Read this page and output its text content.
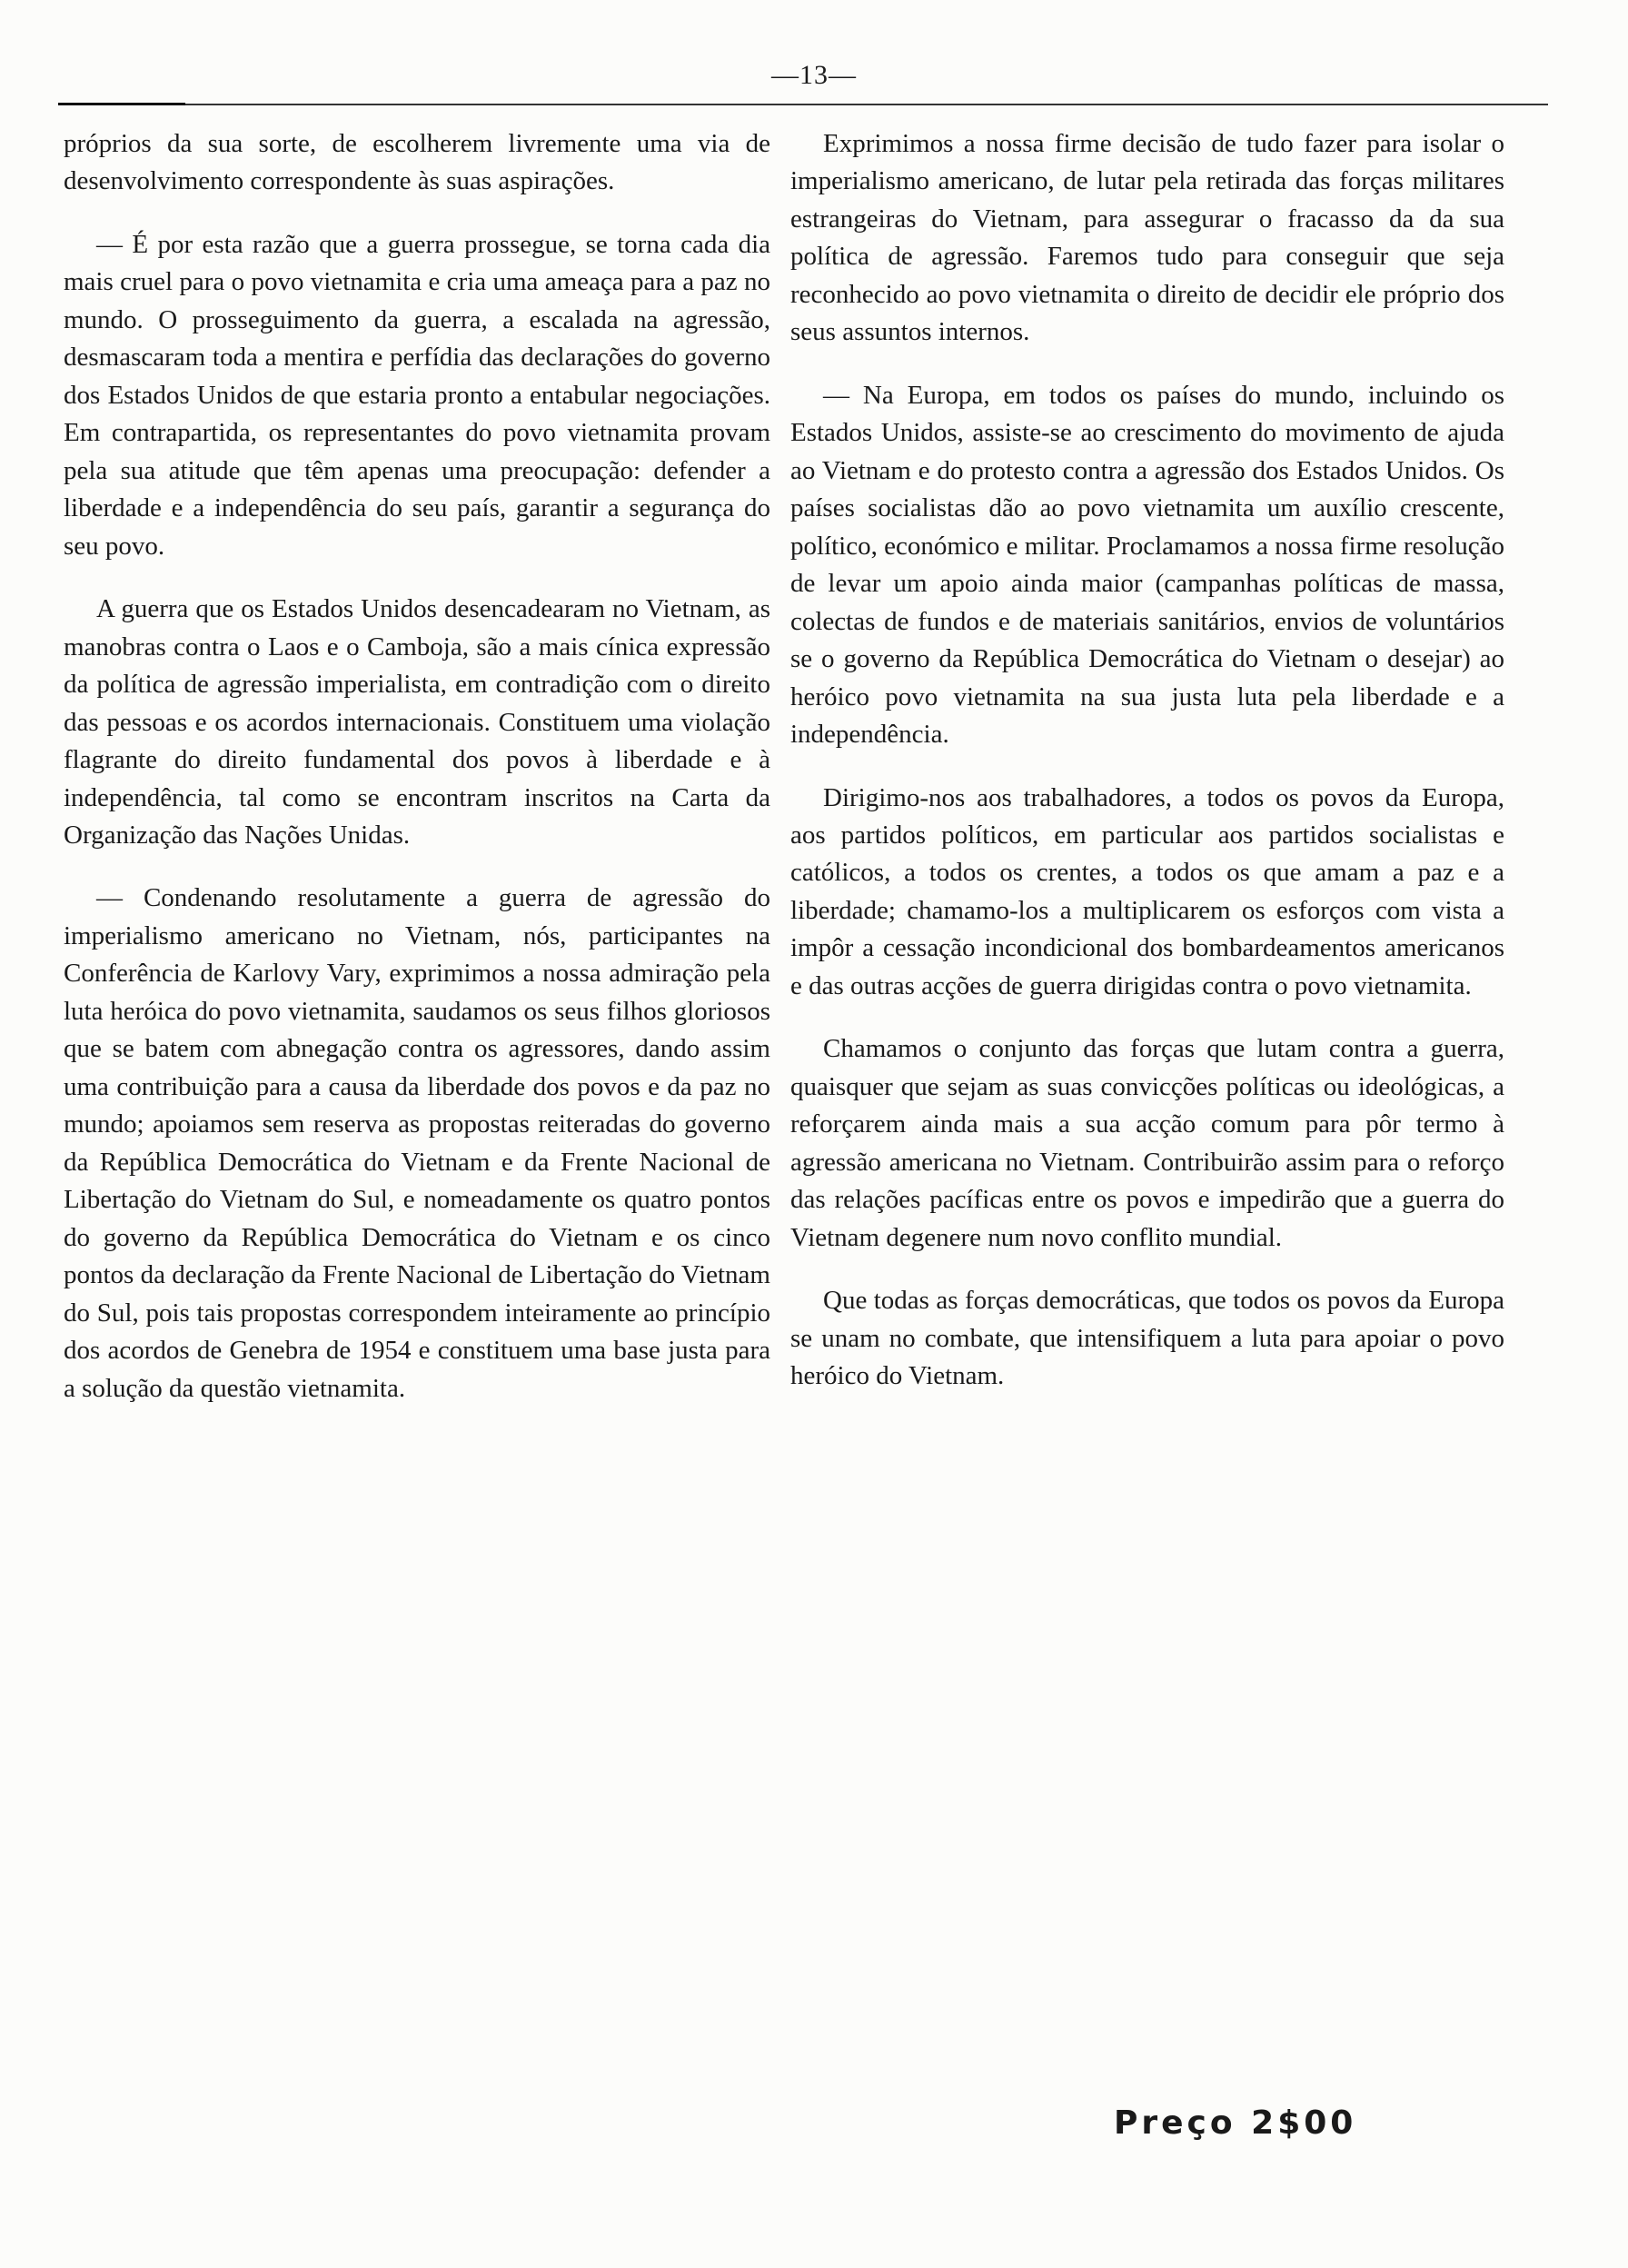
—13—

próprios da sua sorte, de escolherem livremente uma via de desenvolvimento correspondente às suas aspirações.

— É por esta razão que a guerra prossegue, se torna cada dia mais cruel para o povo vietnamita e cria uma ameaça para a paz no mundo. O prosseguimento da guerra, a escalada na agressão, desmascaram toda a mentira e perfídia das declarações do governo dos Estados Unidos de que estaria pronto a entabular negociações. Em contrapartida, os representantes do povo vietnamita provam pela sua atitude que têm apenas uma preocupação: defender a liberdade e a independência do seu país, garantir a segurança do seu povo.

A guerra que os Estados Unidos desencadearam no Vietnam, as manobras contra o Laos e o Camboja, são a mais cínica expressão da política de agressão imperialista, em contradição com o direito das pessoas e os acordos internacionais. Constituem uma violação flagrante do direito fundamental dos povos à liberdade e à independência, tal como se encontram inscritos na Carta da Organização das Nações Unidas.

— Condenando resolutamente a guerra de agressão do imperialismo americano no Vietnam, nós, participantes na Conferência de Karlovy Vary, exprimimos a nossa admiração pela luta heróica do povo vietnamita, saudamos os seus filhos gloriosos que se batem com abnegação contra os agressores, dando assim uma contribuição para a causa da liberdade dos povos e da paz no mundo; apoiamos sem reserva as propostas reiteradas do governo da República Democrática do Vietnam e da Frente Nacional de Libertação do Vietnam do Sul, e nomeadamente os quatro pontos do governo da República Democrática do Vietnam e os cinco pontos da declaração da Frente Nacional de Libertação do Vietnam do Sul, pois tais propostas correspondem inteiramente ao princípio dos acordos de Genebra de 1954 e constituem uma base justa para a solução da questão vietnamita.

Exprimimos a nossa firme decisão de tudo fazer para isolar o imperialismo americano, de lutar pela retirada das forças militares estrangeiras do Vietnam, para assegurar o fracasso da da sua política de agressão. Faremos tudo para conseguir que seja reconhecido ao povo vietnamita o direito de decidir ele próprio dos seus assuntos internos.

— Na Europa, em todos os países do mundo, incluindo os Estados Unidos, assiste-se ao crescimento do movimento de ajuda ao Vietnam e do protesto contra a agressão dos Estados Unidos. Os países socialistas dão ao povo vietnamita um auxílio crescente, político, económico e militar. Proclamamos a nossa firme resolução de levar um apoio ainda maior (campanhas políticas de massa, colectas de fundos e de materiais sanitários, envios de voluntários se o governo da República Democrática do Vietnam o desejar) ao heróico povo vietnamita na sua justa luta pela liberdade e a independência.

Dirigimo-nos aos trabalhadores, a todos os povos da Europa, aos partidos políticos, em particular aos partidos socialistas e católicos, a todos os crentes, a todos os que amam a paz e a liberdade; chamamo-los a multiplicarem os esforços com vista a impôr a cessação incondicional dos bombardeamentos americanos e das outras acções de guerra dirigidas contra o povo vietnamita.

Chamamos o conjunto das forças que lutam contra a guerra, quaisquer que sejam as suas convicções políticas ou ideológicas, a reforçarem ainda mais a sua acção comum para pôr termo à agressão americana no Vietnam. Contribuirão assim para o reforço das relações pacíficas entre os povos e impedirão que a guerra do Vietnam degenere num novo conflito mundial.

Que todas as forças democráticas, que todos os povos da Europa se unam no combate, que intensifiquem a luta para apoiar o povo heróico do Vietnam.

Preço 2$00
